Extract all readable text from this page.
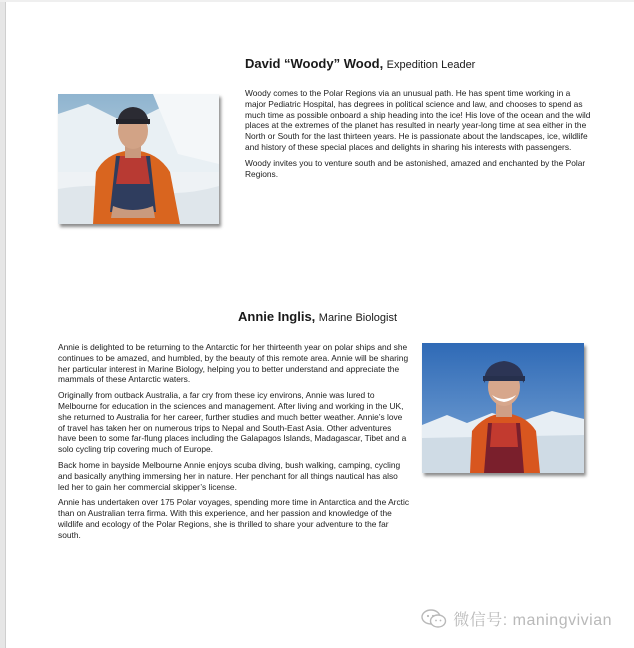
David “Woody” Wood, Expedition Leader

Woody comes to the Polar Regions via an unusual path. He has spent time working in a major Pediatric Hospital, has degrees in political science and law, and chooses to spend as much time as possible onboard a ship heading into the ice! His love of the ocean and the wild places at the extremes of the planet has resulted in nearly year-long time at sea either in the North or South for the last thirteen years. He is passionate about the landscapes, ice, wildlife and history of these special places and delights in sharing his interests with passengers.

Woody invites you to venture south and be astonished, amazed and enchanted by the Polar Regions.

Annie Inglis, Marine Biologist

Annie is delighted to be returning to the Antarctic for her thirteenth year on polar ships and she continues to be amazed, and humbled, by the beauty of this remote area. Annie will be sharing her particular interest in Marine Biology, helping you to better understand and appreciate the mammals of these Antarctic waters.

Originally from outback Australia, a far cry from these icy environs, Annie was lured to Melbourne for education in the sciences and management. After living and working in the UK, she returned to Australia for her career, further studies and much better weather. Annie’s love of travel has taken her on numerous trips to Nepal and South-East Asia. Other adventures have been to some far-flung places including the Galapagos Islands, Madagascar, Tibet and a solo cycling trip covering much of Europe.

Back home in bayside Melbourne Annie enjoys scuba diving, bush walking, camping, cycling and basically anything immersing her in nature. Her penchant for all things nautical has also led her to gain her commercial skipper’s license.

Annie has undertaken over 175 Polar voyages, spending more time in Antarctica and the Arctic than on Australian terra firma. With this experience, and her passion and knowledge of the wildlife and ecology of the Polar Regions, she is thrilled to share your adventure to the far south.

微信号: maningvivian
